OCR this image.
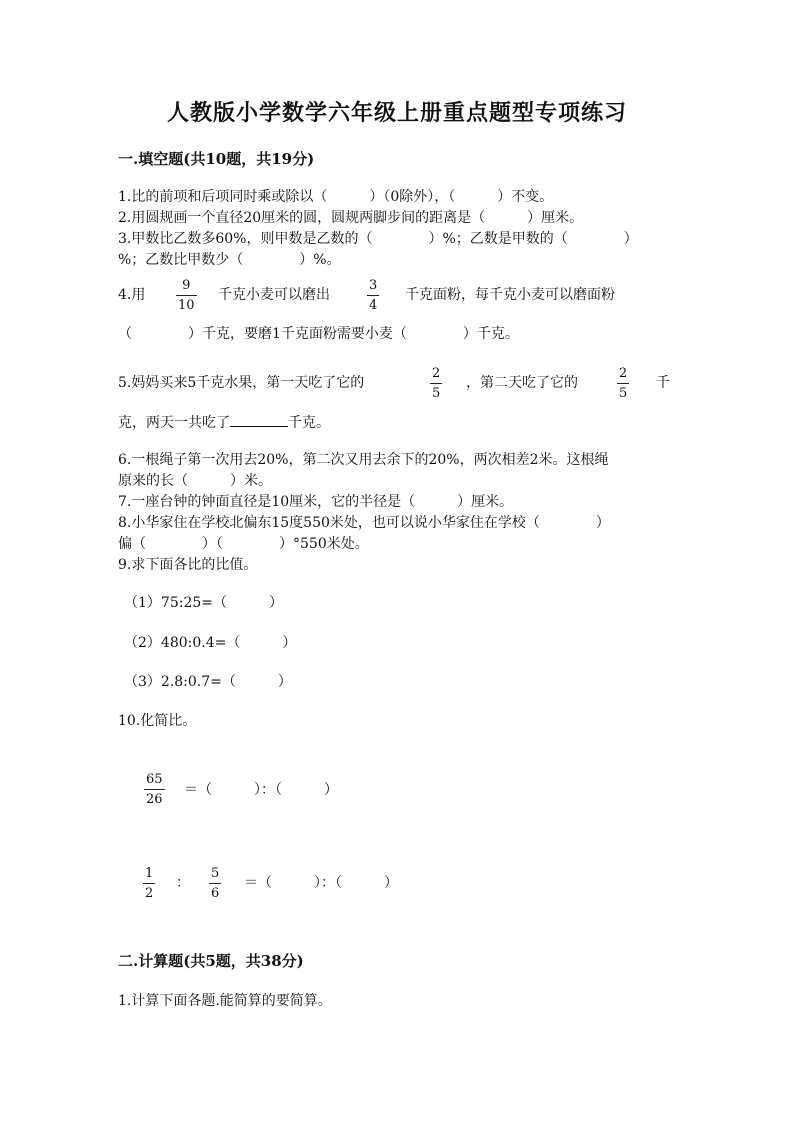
人教版小学数学六年级上册重点题型专项练习
一.填空题(共10题，共19分)
1.比的前项和后项同时乘或除以（　　　）（0除外），（　　　）不变。
2.用圆规画一个直径20厘米的圆，圆规两脚步间的距离是（　　　）厘米。
3.甲数比乙数多60%，则甲数是乙数的（　　　　）%；乙数是甲数的（　　　　）
%；乙数比甲数少（　　　　）%。
4.用
9
10
千克小麦可以磨出
3
4
千克面粉，每千克小麦可以磨面粉
（　　　　）千克，要磨1千克面粉需要小麦（　　　　）千克。
5.妈妈买来5千克水果，第一天吃了它的
2
5
，第二天吃了它的
2
5
千
克，两天一共吃了	千克。
6.一根绳子第一次用去20%，第二次又用去余下的20%，两次相差2米。这根绳
原来的长（　　　）米。
7.一座台钟的钟面直径是10厘米，它的半径是（　　　）厘米。
8.小华家住在学校北偏东15度550米处，也可以说小华家住在学校（　　　　）
偏（　　　　）（　　　　）°550米处。
9.求下面各比的比值。
（1）75:25=（　　　）
（2）480:0.4=（　　　）
（3）2.8:0.7=（　　　）
10.化简比。
65
26
＝（　　　）：（　　　）
1
2
：
5
6
＝（　　　）：（　　　）
二.计算题(共5题，共38分)
1.计算下面各题.能简算的要简算。
